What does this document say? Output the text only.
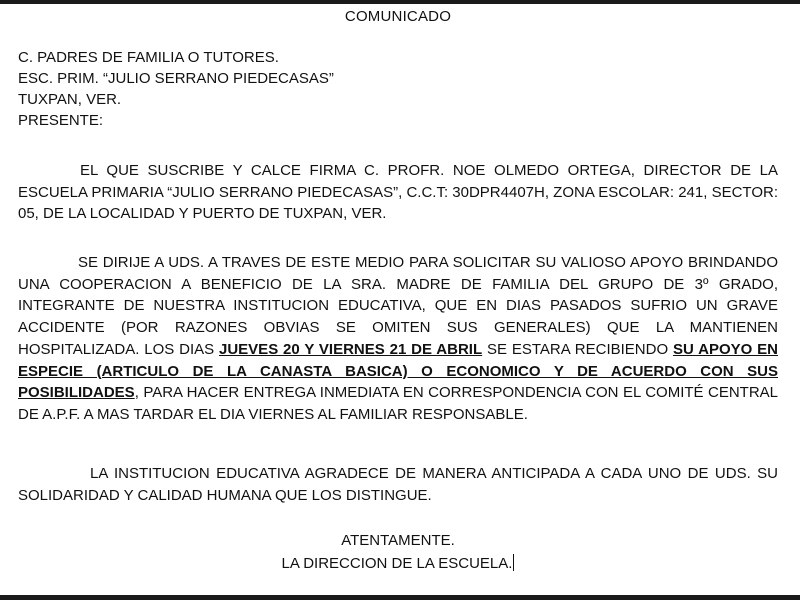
COMUNICADO
C. PADRES DE FAMILIA O TUTORES.
ESC. PRIM. “JULIO SERRANO PIEDECASAS”
TUXPAN, VER.
PRESENTE:
EL QUE SUSCRIBE Y CALCE FIRMA C. PROFR. NOE OLMEDO ORTEGA, DIRECTOR DE LA ESCUELA PRIMARIA “JULIO SERRANO PIEDECASAS”, C.C.T: 30DPR4407H, ZONA ESCOLAR: 241, SECTOR: 05, DE LA LOCALIDAD Y PUERTO DE TUXPAN, VER.
SE DIRIJE A UDS. A TRAVES DE ESTE MEDIO PARA SOLICITAR SU VALIOSO APOYO BRINDANDO UNA COOPERACION A BENEFICIO DE LA SRA. MADRE DE FAMILIA DEL GRUPO DE 3º GRADO, INTEGRANTE DE NUESTRA INSTITUCION EDUCATIVA, QUE EN DIAS PASADOS SUFRIO UN GRAVE ACCIDENTE (POR RAZONES OBVIAS SE OMITEN SUS GENERALES) QUE LA MANTIENEN HOSPITALIZADA. LOS DIAS JUEVES 20 Y VIERNES 21 DE ABRIL SE ESTARA RECIBIENDO SU APOYO EN ESPECIE (ARTICULO DE LA CANASTA BASICA) O ECONOMICO Y DE ACUERDO CON SUS POSIBILIDADES, PARA HACER ENTREGA INMEDIATA EN CORRESPONDENCIA CON EL COMITÉ CENTRAL DE A.P.F. A MAS TARDAR EL DIA VIERNES AL FAMILIAR RESPONSABLE.
LA INSTITUCION EDUCATIVA AGRADECE DE MANERA ANTICIPADA A CADA UNO DE UDS. SU SOLIDARIDAD Y CALIDAD HUMANA QUE LOS DISTINGUE.
ATENTAMENTE.
LA DIRECCION DE LA ESCUELA.
